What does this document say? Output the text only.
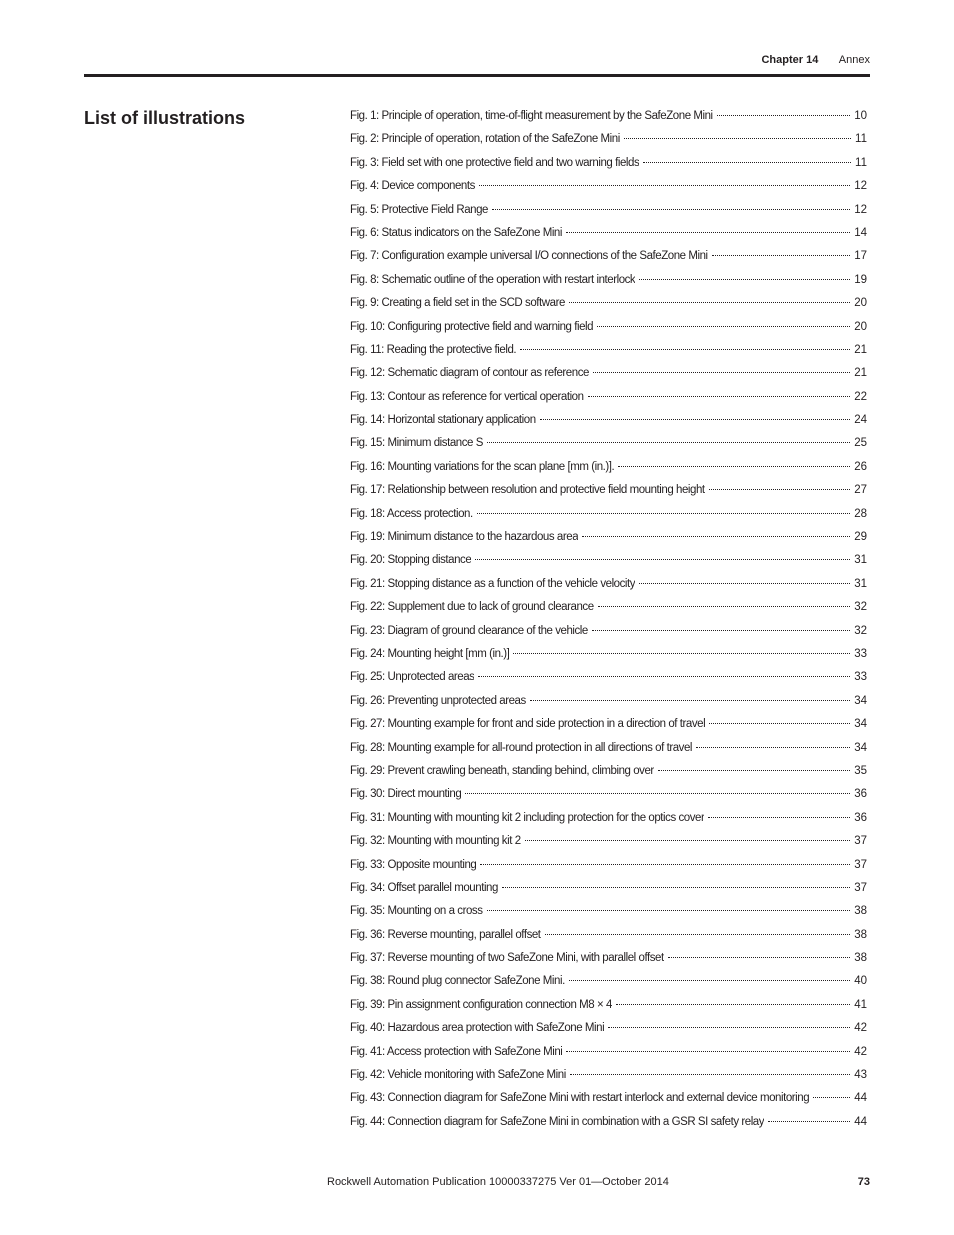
Chapter 14 Annex
List of illustrations	Fig. 1: Principle of operation, time-of-flight measurement by the SafeZone Mini	10
Fig. 2: Principle of operation, rotation of the SafeZone Mini	11
Fig. 3: Field set with one protective field and two warning fields	11
Fig. 4: Device components	12
Fig. 5: Protective Field Range	12
Fig. 6: Status indicators on the SafeZone Mini	14
Fig. 7: Configuration example universal I/O connections of the SafeZone Mini	17
Fig. 8: Schematic outline of the operation with restart interlock	19
Fig. 9: Creating a field set in the SCD software	20
Fig. 10: Configuring protective field and warning field	20
Fig. 11: Reading the protective field.	21
Fig. 12: Schematic diagram of contour as reference	21
Fig. 13: Contour as reference for vertical operation	22
Fig. 14: Horizontal stationary application	24
Fig. 15: Minimum distance S	25
Fig. 16: Mounting variations for the scan plane [mm (in.)].	26
Fig. 17: Relationship between resolution and protective field mounting height	27
Fig. 18: Access protection.	28
Fig. 19: Minimum distance to the hazardous area	29
Fig. 20: Stopping distance	31
Fig. 21: Stopping distance as a function of the vehicle velocity	31
Fig. 22: Supplement due to lack of ground clearance	32
Fig. 23: Diagram of ground clearance of the vehicle	32
Fig. 24: Mounting height [mm (in.)]	33
Fig. 25: Unprotected areas	33
Fig. 26: Preventing unprotected areas	34
Fig. 27: Mounting example for front and side protection in a direction of travel	34
Fig. 28: Mounting example for all-round protection in all directions of travel	34
Fig. 29: Prevent crawling beneath, standing behind, climbing over	35
Fig. 30: Direct mounting	36
Fig. 31: Mounting with mounting kit 2 including protection for the optics cover	36
Fig. 32: Mounting with mounting kit 2	37
Fig. 33: Opposite mounting	37
Fig. 34: Offset parallel mounting	37
Fig. 35: Mounting on a cross	38
Fig. 36: Reverse mounting, parallel offset	38
Fig. 37: Reverse mounting of two SafeZone Mini, with parallel offset	38
Fig. 38: Round plug connector SafeZone Mini.	40
Fig. 39: Pin assignment configuration connection M8 × 4	41
Fig. 40: Hazardous area protection with SafeZone Mini	42
Fig. 41: Access protection with SafeZone Mini	42
Fig. 42: Vehicle monitoring with SafeZone Mini	43
Fig. 43: Connection diagram for SafeZone Mini with restart interlock and external device monitoring	44
Fig. 44: Connection diagram for SafeZone Mini in combination with a GSR SI safety relay	44
Rockwell Automation Publication 10000337275 Ver 01—October 2014	73
